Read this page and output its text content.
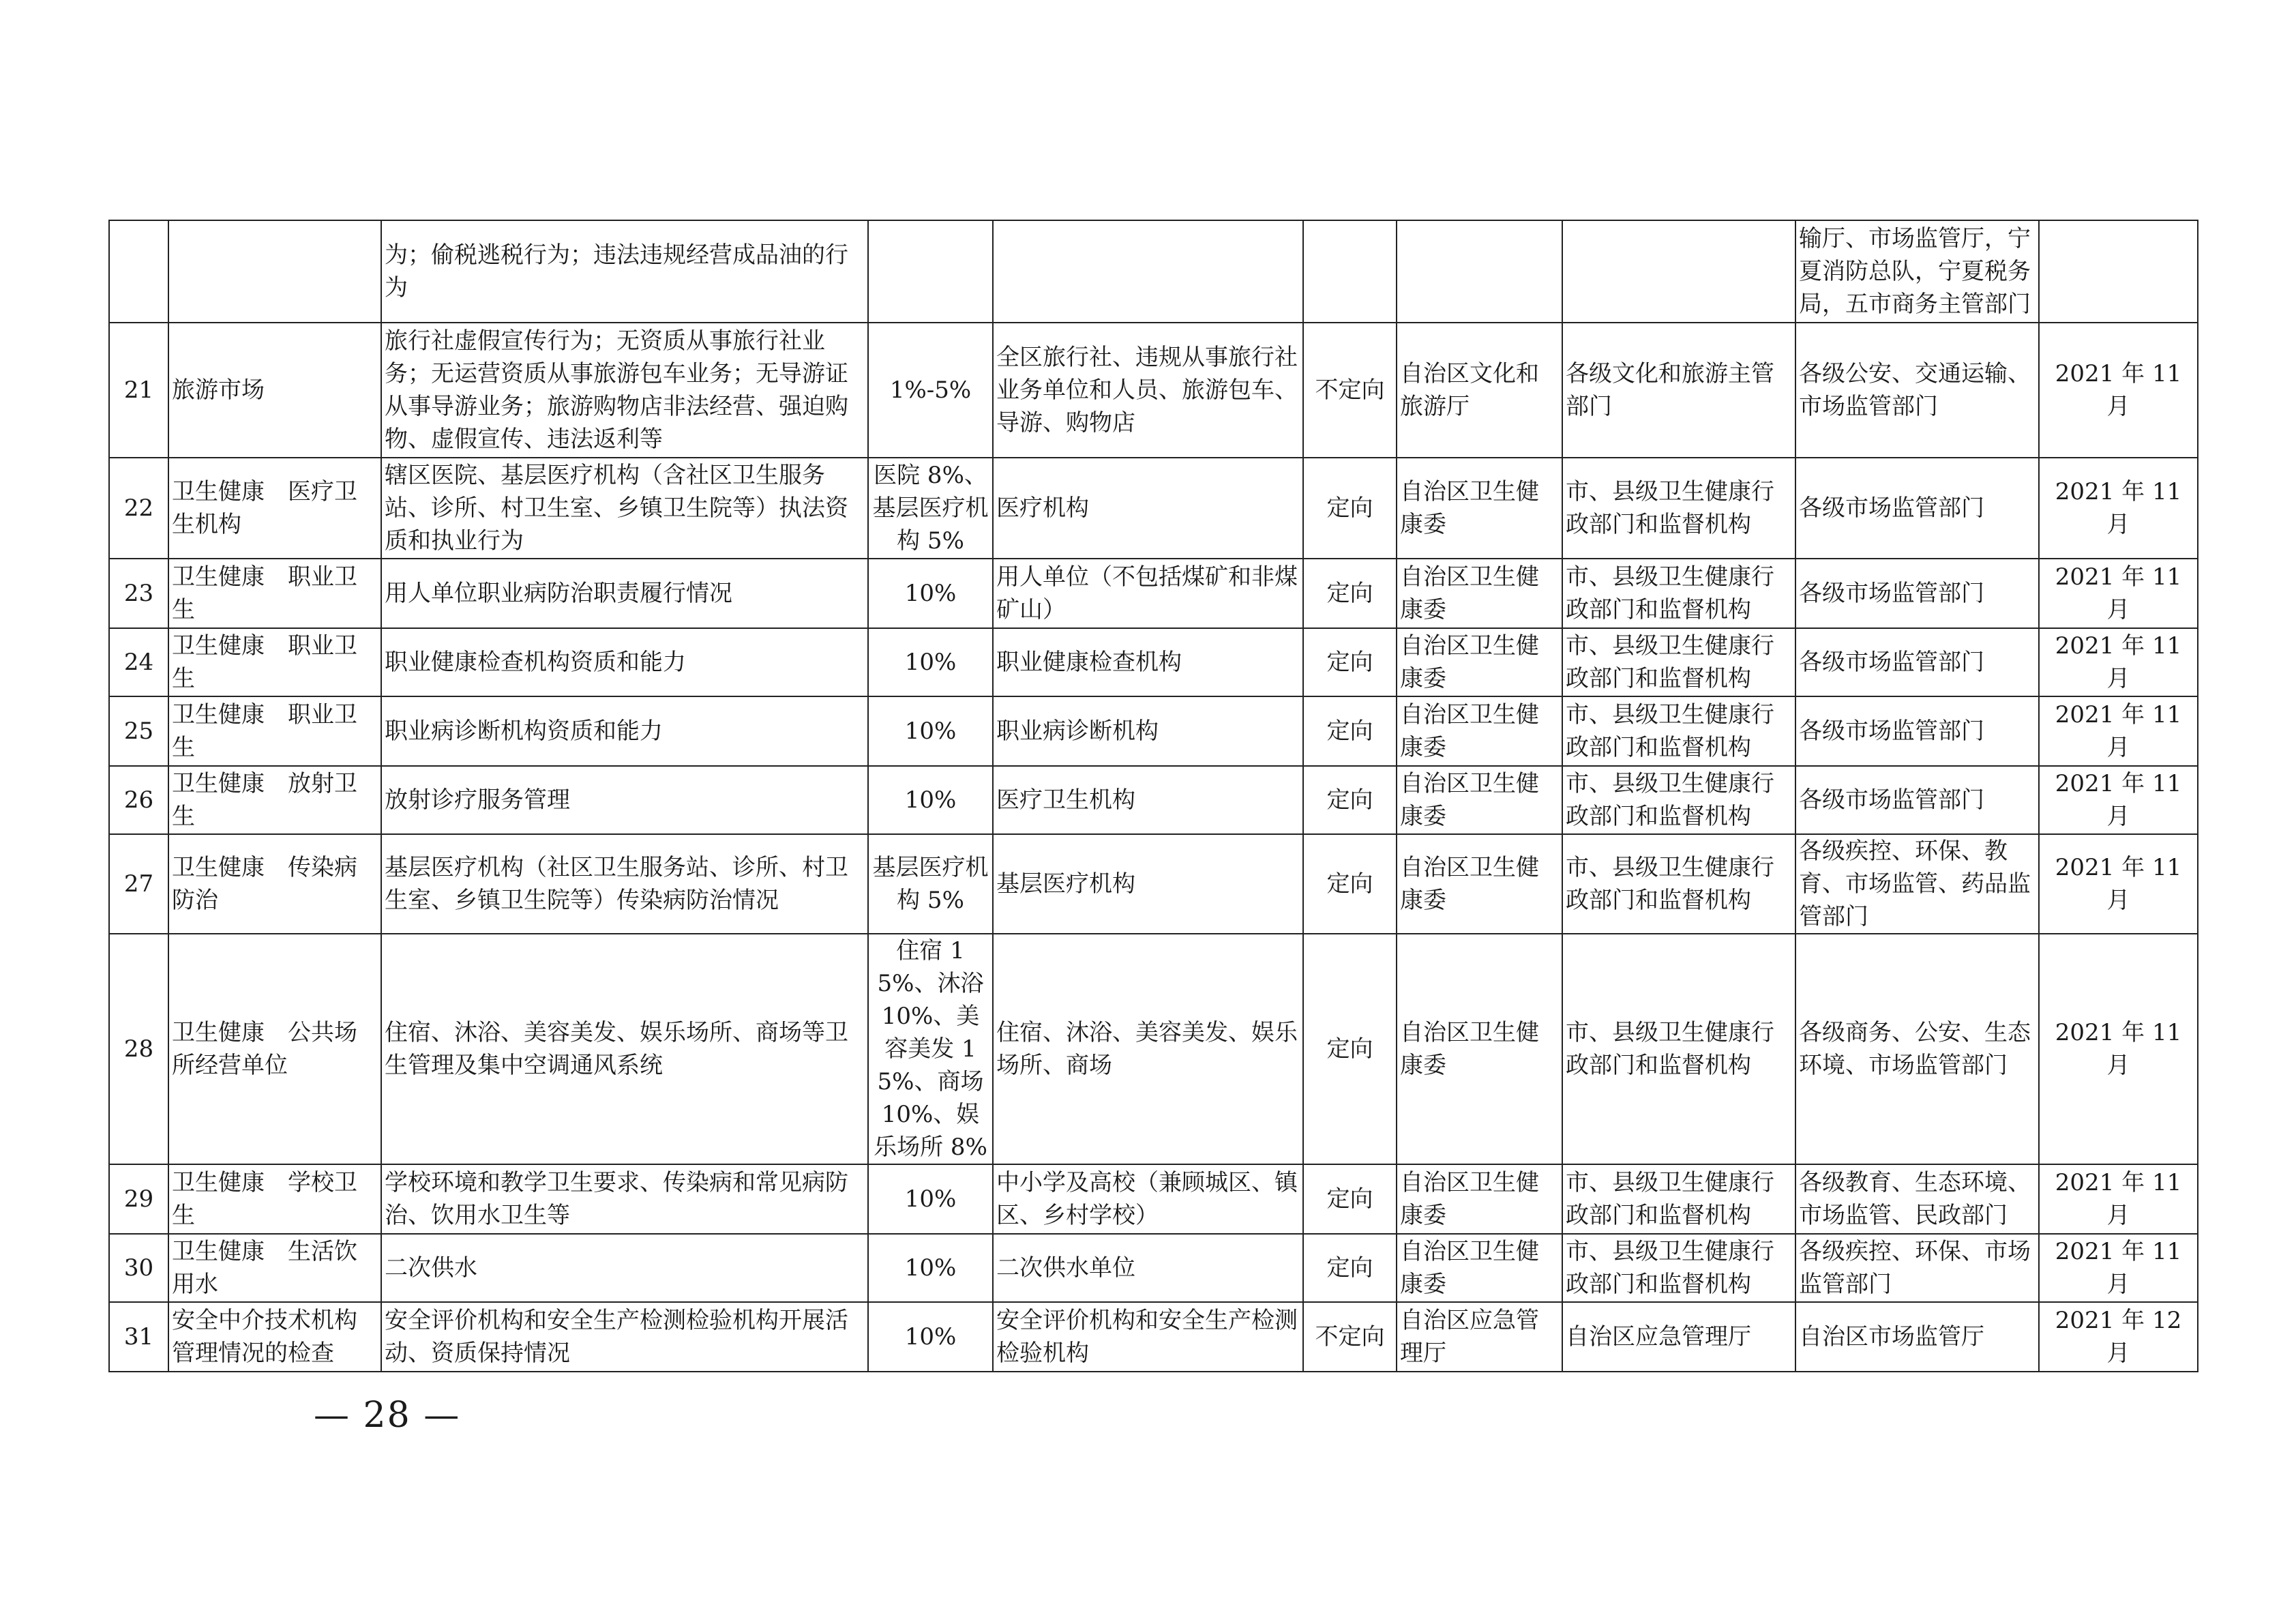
		为；偷税逃税行为；违法违规经营成品油的行为						输厅、市场监管厅，宁夏消防总队，宁夏税务局，五市商务主管部门	
21	旅游市场	旅行社虚假宣传行为；无资质从事旅行社业务；无运营资质从事旅游包车业务；无导游证从事导游业务；旅游购物店非法经营、强迫购物、虚假宣传、违法返利等	1%-5%	全区旅行社、违规从事旅行社业务单位和人员、旅游包车、导游、购物店	不定向	自治区文化和旅游厅	各级文化和旅游主管部门	各级公安、交通运输、市场监管部门	2021 年 11 月
22	卫生健康　医疗卫生机构	辖区医院、基层医疗机构（含社区卫生服务站、诊所、村卫生室、乡镇卫生院等）执法资质和执业行为	医院 8%、基层医疗机构 5%	医疗机构	定向	自治区卫生健康委	市、县级卫生健康行政部门和监督机构	各级市场监管部门	2021 年 11 月
23	卫生健康　职业卫生	用人单位职业病防治职责履行情况	10%	用人单位（不包括煤矿和非煤矿山）	定向	自治区卫生健康委	市、县级卫生健康行政部门和监督机构	各级市场监管部门	2021 年 11 月
24	卫生健康　职业卫生	职业健康检查机构资质和能力	10%	职业健康检查机构	定向	自治区卫生健康委	市、县级卫生健康行政部门和监督机构	各级市场监管部门	2021 年 11 月
25	卫生健康　职业卫生	职业病诊断机构资质和能力	10%	职业病诊断机构	定向	自治区卫生健康委	市、县级卫生健康行政部门和监督机构	各级市场监管部门	2021 年 11 月
26	卫生健康　放射卫生	放射诊疗服务管理	10%	医疗卫生机构	定向	自治区卫生健康委	市、县级卫生健康行政部门和监督机构	各级市场监管部门	2021 年 11 月
27	卫生健康　传染病防治	基层医疗机构（社区卫生服务站、诊所、村卫生室、乡镇卫生院等）传染病防治情况	基层医疗机构 5%	基层医疗机构	定向	自治区卫生健康委	市、县级卫生健康行政部门和监督机构	各级疾控、环保、教育、市场监管、药品监管部门	2021 年 11 月
28	卫生健康　公共场所经营单位	住宿、沐浴、美容美发、娱乐场所、商场等卫生管理及集中空调通风系统	住宿 15%、沐浴 10%、美容美发 15%、商场 10%、娱乐场所 8%	住宿、沐浴、美容美发、娱乐场所、商场	定向	自治区卫生健康委	市、县级卫生健康行政部门和监督机构	各级商务、公安、生态环境、市场监管部门	2021 年 11 月
29	卫生健康　学校卫生	学校环境和教学卫生要求、传染病和常见病防治、饮用水卫生等	10%	中小学及高校（兼顾城区、镇区、乡村学校）	定向	自治区卫生健康委	市、县级卫生健康行政部门和监督机构	各级教育、生态环境、市场监管、民政部门	2021 年 11 月
30	卫生健康　生活饮用水	二次供水	10%	二次供水单位	定向	自治区卫生健康委	市、县级卫生健康行政部门和监督机构	各级疾控、环保、市场监管部门	2021 年 11 月
31	安全中介技术机构管理情况的检查	安全评价机构和安全生产检测检验机构开展活动、资质保持情况	10%	安全评价机构和安全生产检测检验机构	不定向	自治区应急管理厅	自治区应急管理厅	自治区市场监管厅	2021 年 12 月
— 28 —
